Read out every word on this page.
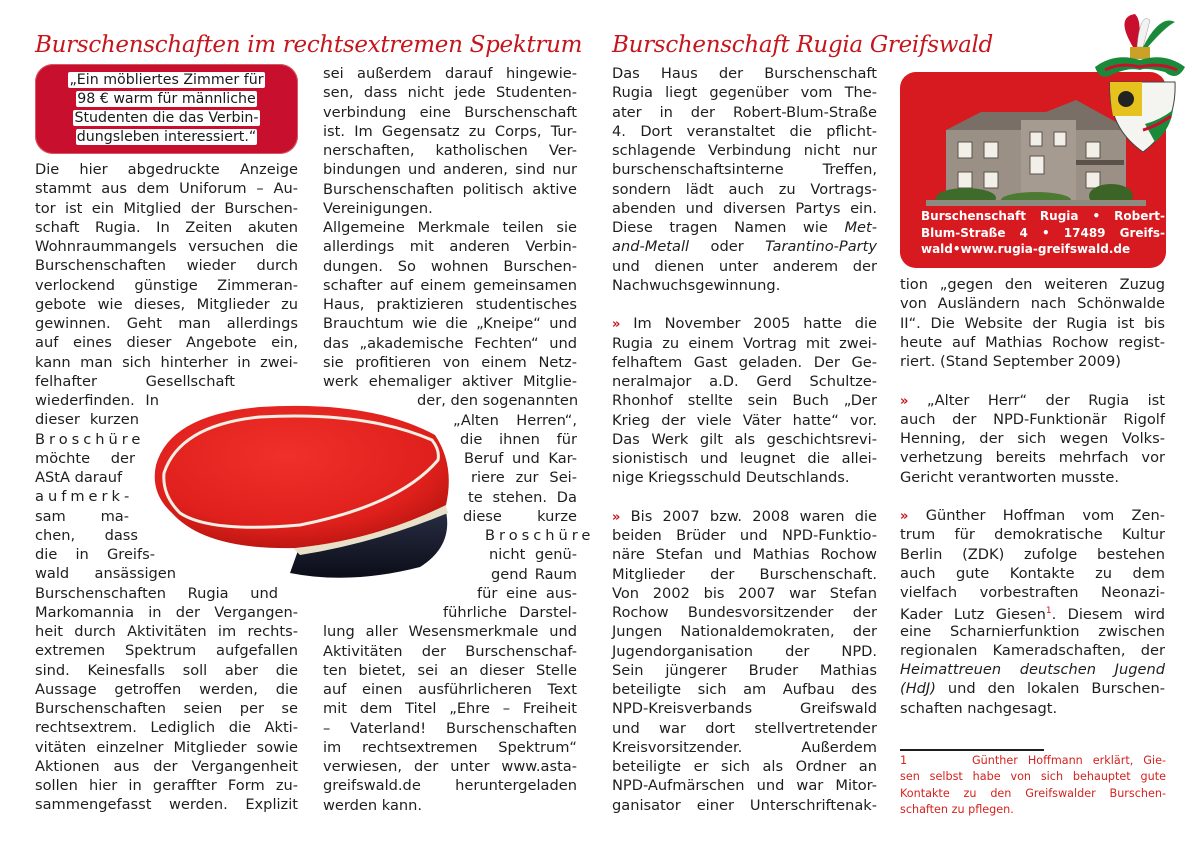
Burschenschaften im rechtsextremen Spektrum Burschenschaft Rugia Greifswald
„Ein möbliertes Zimmer für
98 € warm für männliche
Studenten die das Verbin-
dungsleben interessiert.“
Die hier abgedruckte Anzeige
stammt aus dem Uniforum – Au-
tor ist ein Mitglied der Burschen-
schaft Rugia. In Zeiten akuten
Wohnraummangels versuchen die
Burschenschaften wieder durch
verlockend günstige Zimmeran-
gebote wie dieses, Mitglieder zu
gewinnen. Geht man allerdings
auf eines dieser Angebote ein,
kann man sich hinterher in zwei-
felhafter Gesellschaft
wiederfinden. In
dieser kurzen
Broschüre
möchte der
AStA darauf
aufmerk-
sam ma-
chen, dass
die in Greifs-
wald ansässigen
Burschenschaften Rugia und
Markomannia in der Vergangen-
heit durch Aktivitäten im rechts-
extremen Spektrum aufgefallen
sind. Keinesfalls soll aber die
Aussage getroffen werden, die
Burschenschaften seien per se
rechtsextrem. Lediglich die Akti-
vitäten einzelner Mitglieder sowie
Aktionen aus der Vergangenheit
sollen hier in geraffter Form zu-
sammengefasst werden. Explizit
sei außerdem darauf hingewie-
sen, dass nicht jede Studenten-
verbindung eine Burschenschaft
ist. Im Gegensatz zu Corps, Tur-
nerschaften, katholischen Ver-
bindungen und anderen, sind nur
Burschenschaften politisch aktive
Vereinigungen.
Allgemeine Merkmale teilen sie
allerdings mit anderen Verbin-
dungen. So wohnen Burschen-
schafter auf einem gemeinsamen
Haus, praktizieren studentisches
Brauchtum wie die „Kneipe“ und
das „akademische Fechten“ und
sie profitieren von einem Netz-
werk ehemaliger aktiver Mitglie-
der, den sogenannten
„Alten Herren“,
die ihnen für
Beruf und Kar-
riere zur Sei-
te stehen. Da
diese kurze
Broschüre
nicht genü-
gend Raum
für eine aus-
führliche Darstel-
lung aller Wesensmerkmale und
Aktivitäten der Burschenschaf-
ten bietet, sei an dieser Stelle
auf einen ausführlicheren Text
mit dem Titel „Ehre – Freiheit
– Vaterland! Burschenschaften
im rechtsextremen Spektrum“
verwiesen, der unter www.asta-
greifswald.de heruntergeladen
werden kann.
Das Haus der Burschenschaft
Rugia liegt gegenüber vom The-
ater in der Robert-Blum-Straße
4. Dort veranstaltet die pflicht-
schlagende Verbindung nicht nur
burschenschaftsinterne Treffen,
sondern lädt auch zu Vortrags-
abenden und diversen Partys ein.
Diese tragen Namen wie Met-
and-Metall oder Tarantino-Party
und dienen unter anderem der
Nachwuchsgewinnung.
» Im November 2005 hatte die
Rugia zu einem Vortrag mit zwei-
felhaftem Gast geladen. Der Ge-
neralmajor a.D. Gerd Schultze-
Rhonhof stellte sein Buch „Der
Krieg der viele Väter hatte“ vor.
Das Werk gilt als geschichtsrevi-
sionistisch und leugnet die allei-
nige Kriegsschuld Deutschlands.
» Bis 2007 bzw. 2008 waren die
beiden Brüder und NPD-Funktio-
näre Stefan und Mathias Rochow
Mitglieder der Burschenschaft.
Von 2002 bis 2007 war Stefan
Rochow Bundesvorsitzender der
Jungen Nationaldemokraten, der
Jugendorganisation der NPD.
Sein jüngerer Bruder Mathias
beteiligte sich am Aufbau des
NPD-Kreisverbands Greifswald
und war dort stellvertretender
Kreisvorsitzender. Außerdem
beteiligte er sich als Ordner an
NPD-Aufmärschen und war Mitor-
ganisator einer Unterschriftenak-
Burschenschaft Rugia • Robert-
Blum-Straße 4 • 17489 Greifs-
wald•www.rugia-greifswald.de
tion „gegen den weiteren Zuzug
von Ausländern nach Schönwalde
II“. Die Website der Rugia ist bis
heute auf Mathias Rochow regist-
riert. (Stand September 2009)
» „Alter Herr“ der Rugia ist
auch der NPD-Funktionär Rigolf
Henning, der sich wegen Volks-
verhetzung bereits mehrfach vor
Gericht verantworten musste.
» Günther Hoffman vom Zen-
trum für demokratische Kultur
Berlin (ZDK) zufolge bestehen
auch gute Kontakte zu dem
vielfach vorbestraften Neonazi-
Kader Lutz Giesen$^1$. Diesem wird
eine Scharnierfunktion zwischen
regionalen Kameradschaften, der
Heimattreuen deutschen Jugend
(HdJ) und den lokalen Burschen-
schaften nachgesagt.
1	Günther Hoffmann erklärt, Gie-
sen selbst habe von sich behauptet gute
Kontakte zu den Greifswalder Burschen-
schaften zu pflegen.
